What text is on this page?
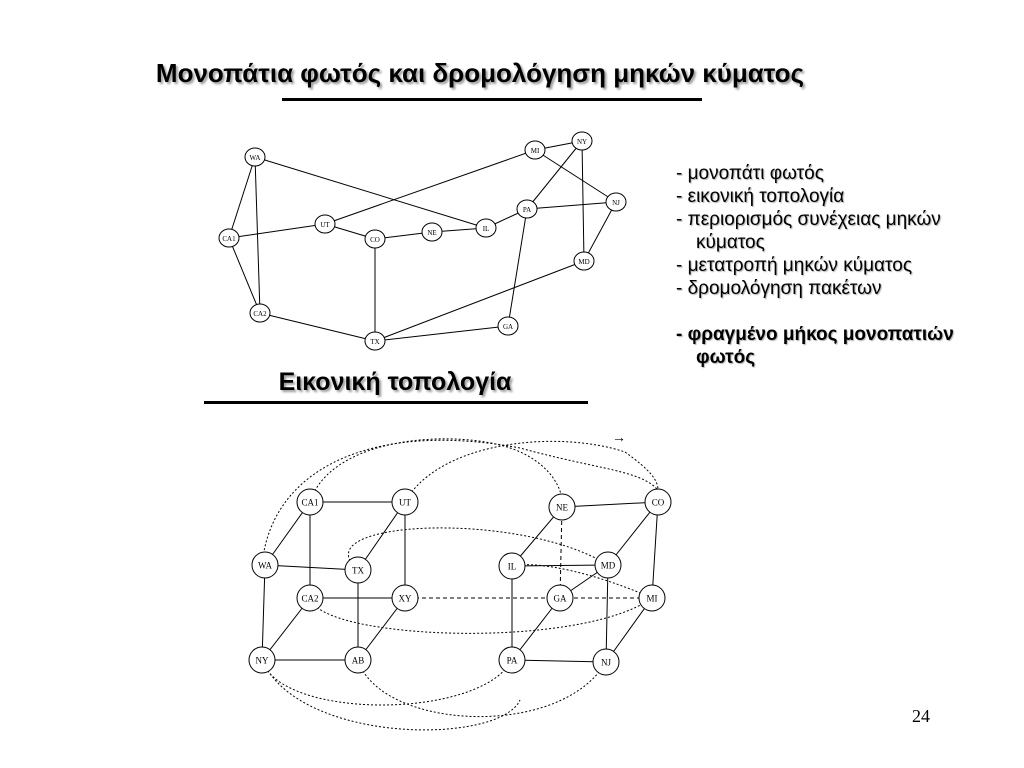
Μονοπάτια φωτός και δρομολόγηση μηκών κύματος
WA
CA1
CA2
UT
CO
NE	IL
TX
MI
NY
NJ
PA
MD
GA
Εικονική τοπολογία
- μονοπάτι φωτός
- εικονική τοπολογία
- περιορισμός συνέχειας μηκών
κύματος
- μετατροπή μηκών κύματος
- δρομολόγηση πακέτων
- φραγμένο μήκος μονοπατιών
φωτός
CA1	UT
WA	TX
CA2	XY
NY	AB
NE	CO
IL	MD
GA	MI
PA	NJ
→
24
